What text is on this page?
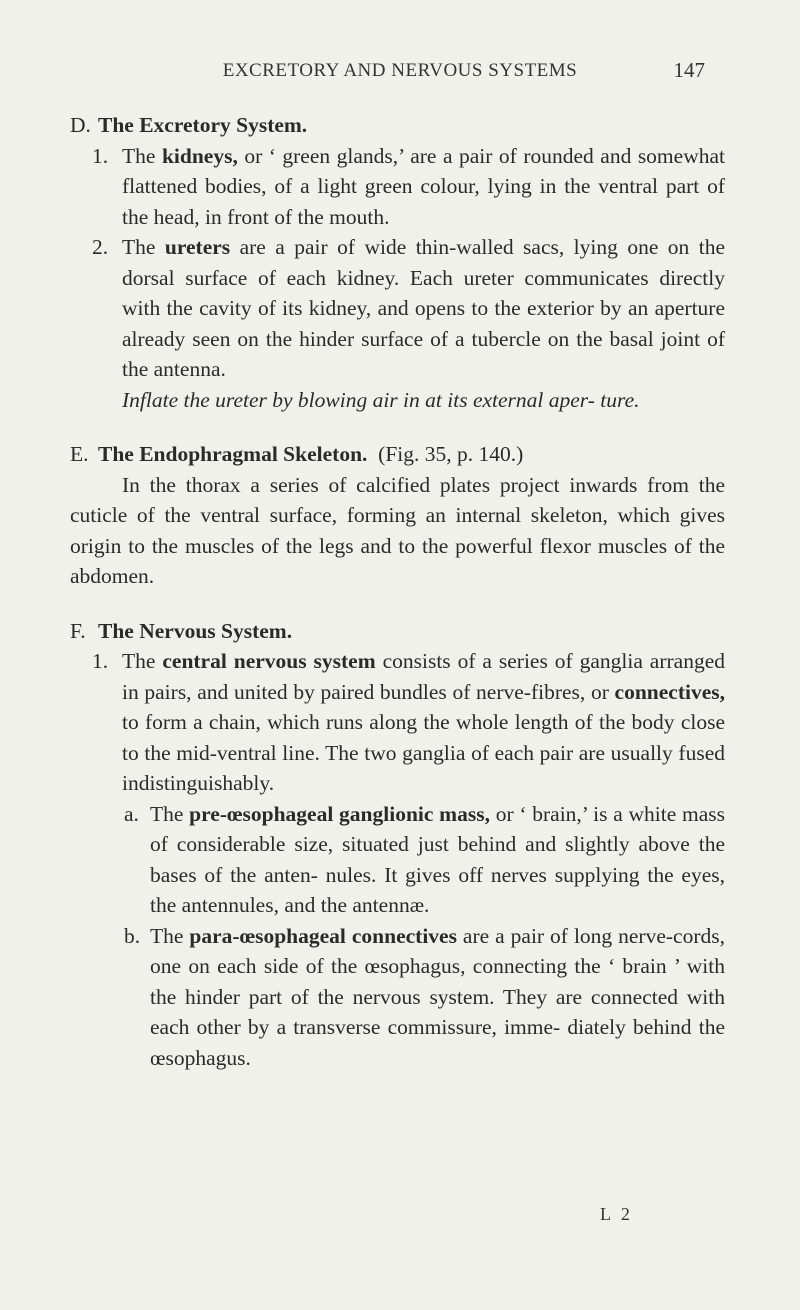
EXCRETORY AND NERVOUS SYSTEMS	147

D. The Excretory System.

1. The kidneys, or ‘ green glands,’ are a pair of rounded and somewhat flattened bodies, of a light green colour, lying in the ventral part of the head, in front of the mouth.

2. The ureters are a pair of wide thin-walled sacs, lying one on the dorsal surface of each kidney. Each ureter communicates directly with the cavity of its kidney, and opens to the exterior by an aperture already seen on the hinder surface of a tubercle on the basal joint of the antenna.

Inflate the ureter by blowing air in at its external aper- ture.

E. The Endophragmal Skeleton. (Fig. 35, p. 140.)

In the thorax a series of calcified plates project inwards from the cuticle of the ventral surface, forming an internal skeleton, which gives origin to the muscles of the legs and to the powerful flexor muscles of the abdomen.

F. The Nervous System.

1. The central nervous system consists of a series of ganglia arranged in pairs, and united by paired bundles of nerve-fibres, or connectives, to form a chain, which runs along the whole length of the body close to the mid-ventral line. The two ganglia of each pair are usually fused indistinguishably.

a. The pre-œsophageal ganglionic mass, or ‘ brain,’ is a white mass of considerable size, situated just behind and slightly above the bases of the anten- nules. It gives off nerves supplying the eyes, the antennules, and the antennæ.

b. The para-œsophageal connectives are a pair of long nerve-cords, one on each side of the œsophagus, connecting the ‘ brain ’ with the hinder part of the nervous system. They are connected with each other by a transverse commissure, imme- diately behind the œsophagus.

L 2
